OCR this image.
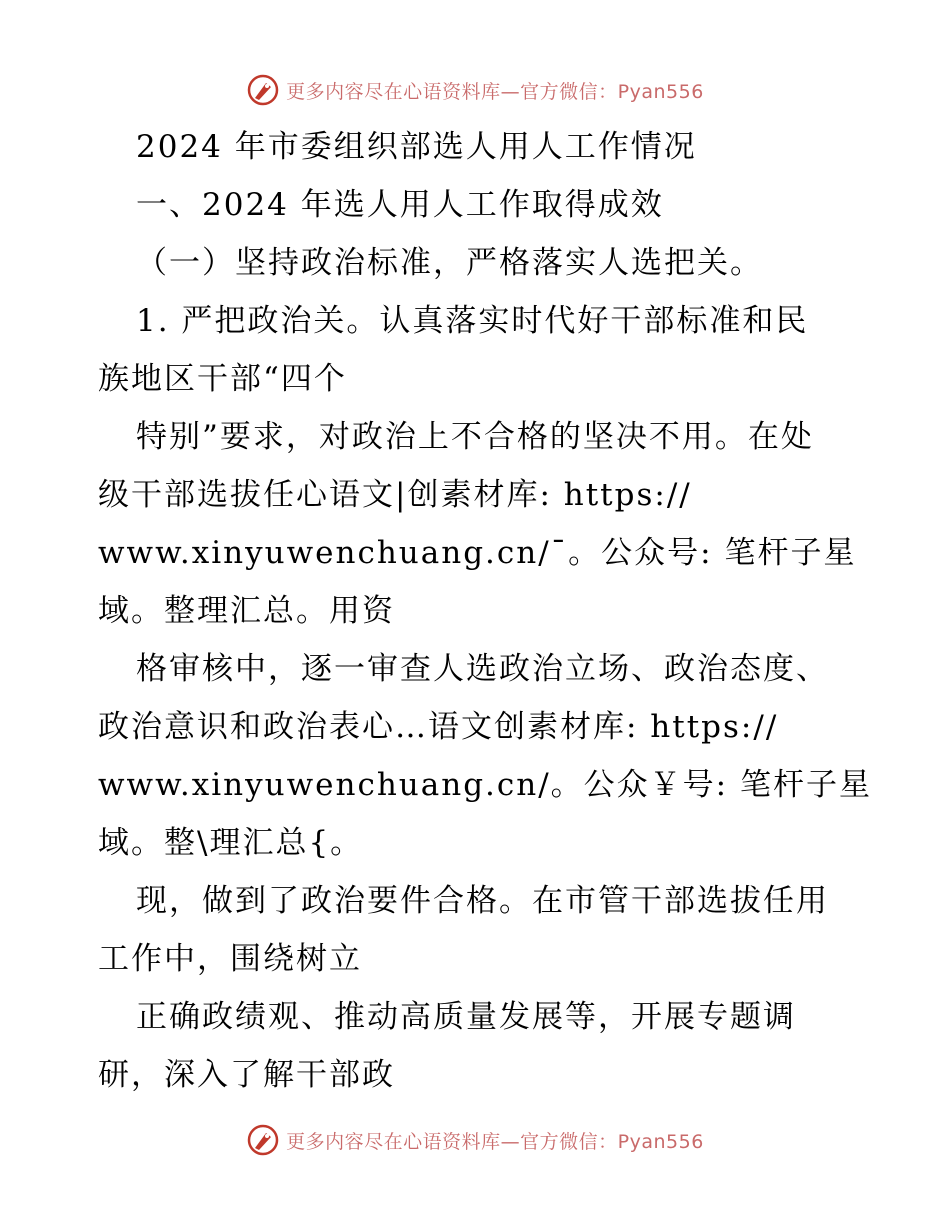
更多内容尽在心语资料库—官方微信：Pyan556
2024 年市委组织部选人用人工作情况
一、2024 年选人用人工作取得成效
（一）坚持政治标准，严格落实人选把关。
1. 严把政治关。认真落实时代好干部标准和民
族地区干部“四个
特别”要求，对政治上不合格的坚决不用。在处
级干部选拔任心语文|创素材库: https://
www.xinyuwenchuang.cn/ˉ。公众号: 笔杆子星
域。整理汇总。用资
格审核中，逐一审查人选政治立场、政治态度、
政治意识和政治表心…语文创素材库: https://
www.xinyuwenchuang.cn/。公众￥号: 笔杆子星
域。整\理汇总{。
现，做到了政治要件合格。在市管干部选拔任用
工作中，围绕树立
正确政绩观、推动高质量发展等，开展专题调
研，深入了解干部政
更多内容尽在心语资料库—官方微信：Pyan556
